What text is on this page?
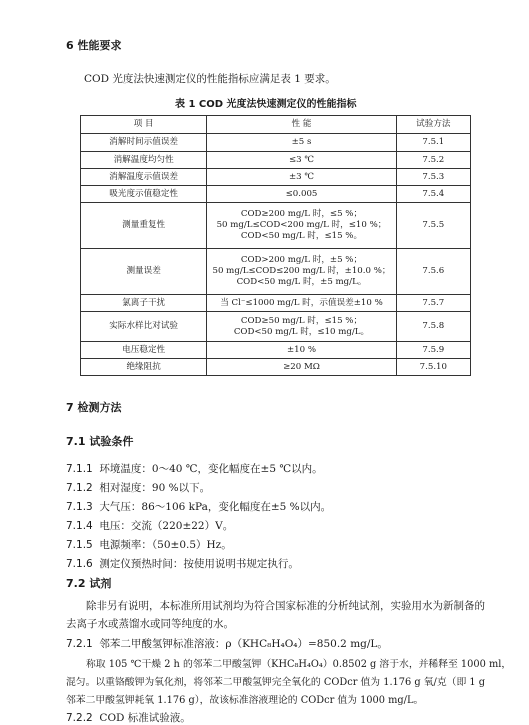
6 性能要求
COD 光度法快速测定仪的性能指标应满足表 1 要求。
表 1 COD 光度法快速测定仪的性能指标
项 目	性 能	试验方法
消解时间示值误差	±5 s	7.5.1
消解温度均匀性	≤3 ℃	7.5.2
消解温度示值误差	±3 ℃	7.5.3
吸光度示值稳定性	≤0.005	7.5.4
测量重复性	COD≥200 mg/L 时，≤5 %；
50 mg/L≤COD<200 mg/L 时，≤10 %；
COD<50 mg/L 时，≤15 %。	7.5.5
测量误差	COD>200 mg/L 时，±5 %；
50 mg/L≤COD≤200 mg/L 时，±10.0 %；
COD<50 mg/L 时，±5 mg/L。	7.5.6
氯离子干扰	当 Cl⁻≤1000 mg/L 时，示值误差±10 %	7.5.7
实际水样比对试验	COD≥50 mg/L 时，≤15 %；
COD<50 mg/L 时，≤10 mg/L。	7.5.8
电压稳定性	±10 %	7.5.9
绝缘阻抗	≥20 MΩ	7.5.10
7 检测方法
7.1 试验条件
7.1.1 环境温度：0～40 ℃，变化幅度在±5 ℃以内。
7.1.2 相对湿度：90 %以下。
7.1.3 大气压：86～106 kPa，变化幅度在±5 %以内。
7.1.4 电压：交流（220±22）V。
7.1.5 电源频率：（50±0.5）Hz。
7.1.6 测定仪预热时间：按使用说明书规定执行。
7.2 试剂
除非另有说明，本标准所用试剂均为符合国家标准的分析纯试剂，实验用水为新制备的
去离子水或蒸馏水或同等纯度的水。
7.2.1 邻苯二甲酸氢钾标准溶液：ρ（KHC₈H₄O₄）=850.2 mg/L。
称取 105 ℃干燥 2 h 的邻苯二甲酸氢钾（KHC₈H₄O₄）0.8502 g 溶于水，并稀释至 1000 ml，
混匀。以重铬酸钾为氧化剂，将邻苯二甲酸氢钾完全氧化的 CODcr 值为 1.176 g 氧/克（即 1 g
邻苯二甲酸氢钾耗氧 1.176 g），故该标准溶液理论的 CODcr 值为 1000 mg/L。
7.2.2 COD 标准试验液。
